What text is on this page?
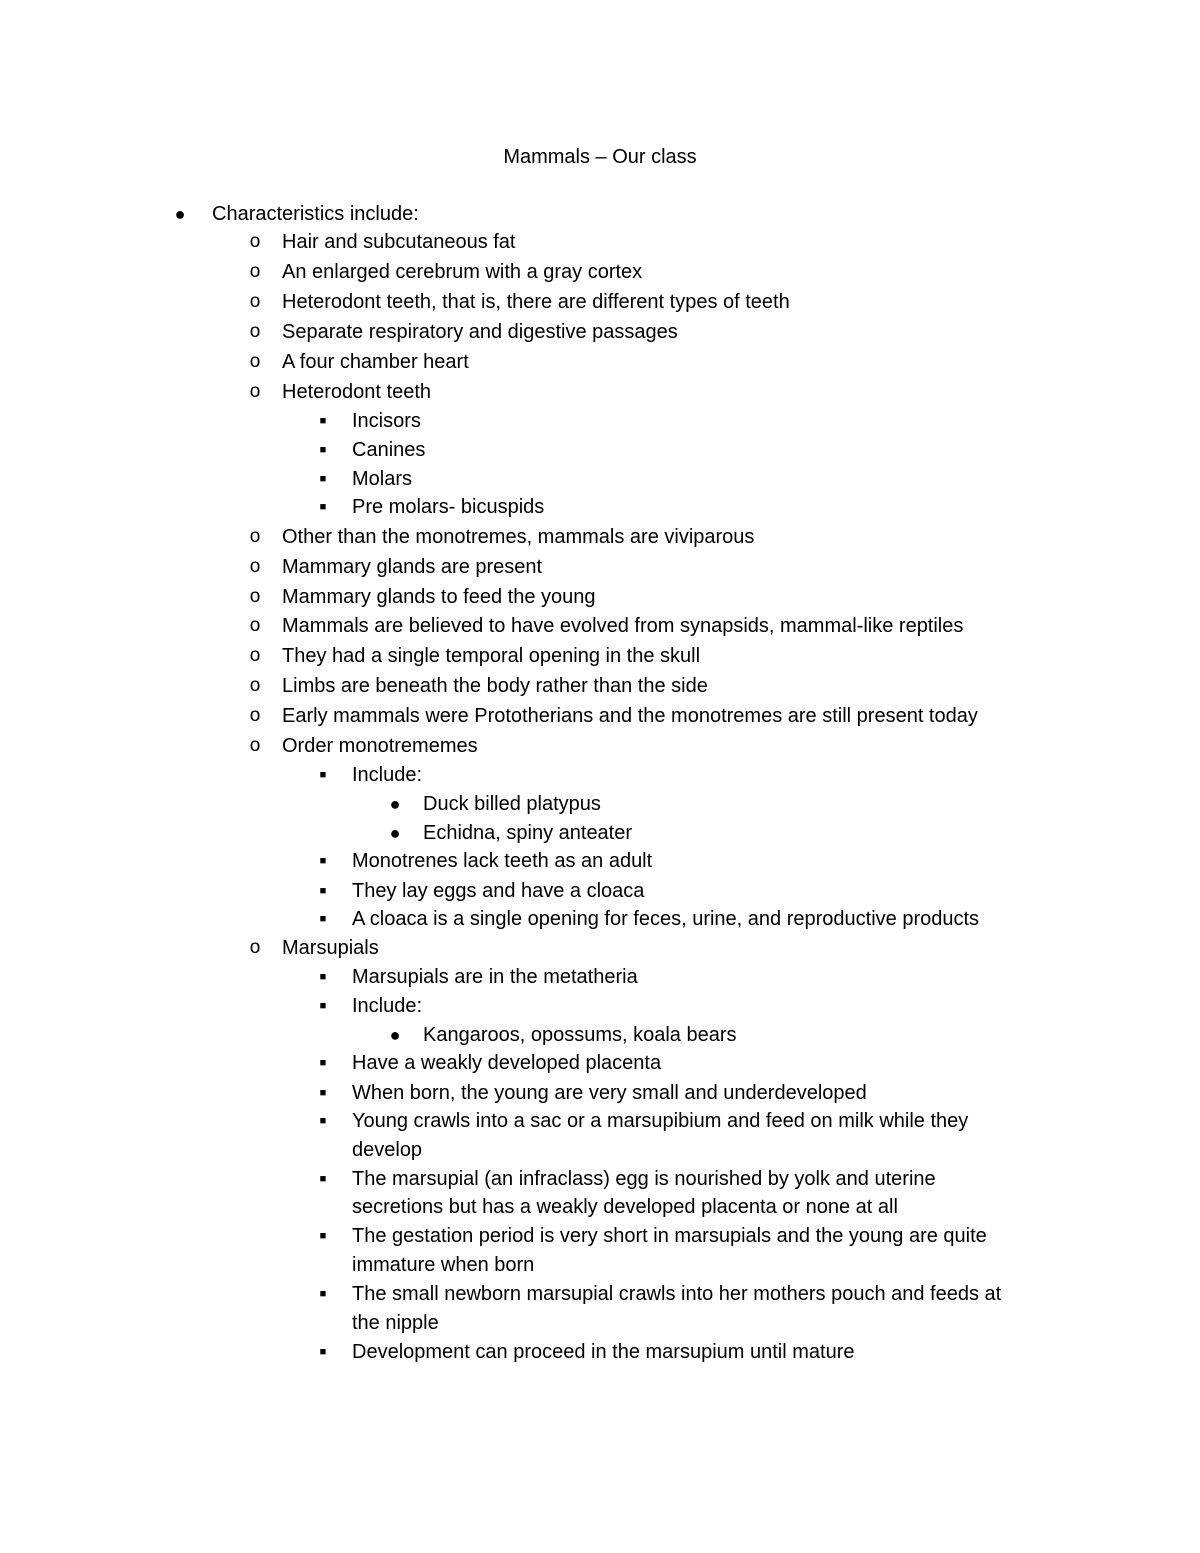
Mammals – Our class
● Characteristics include:
o Hair and subcutaneous fat
o An enlarged cerebrum with a gray cortex
o Heterodont teeth, that is, there are different types of teeth
o Separate respiratory and digestive passages
o A four chamber heart
o Heterodont teeth
■	Incisors
■	Canines
■	Molars
■	Pre molars- bicuspids
o Other than the monotremes, mammals are viviparous
o Mammary glands are present
o Mammary glands to feed the young
o Mammals are believed to have evolved from synapsids, mammal-like reptiles
o They had a single temporal opening in the skull
o Limbs are beneath the body rather than the side
o Early mammals were Prototherians and the monotremes are still present today
o Order monotrememes
■	Include:
● Duck billed platypus
● Echidna, spiny anteater
■	Monotrenes lack teeth as an adult
■	They lay eggs and have a cloaca
■	A cloaca is a single opening for feces, urine, and reproductive products
o Marsupials
■	Marsupials are in the metatheria
■	Include:
● Kangaroos, opossums, koala bears
■	Have a weakly developed placenta
■	When born, the young are very small and underdeveloped
■	Young crawls into a sac or a marsupibium and feed on milk while they
develop
■	The marsupial (an infraclass) egg is nourished by yolk and uterine
secretions but has a weakly developed placenta or none at all
■	The gestation period is very short in marsupials and the young are quite
immature when born
■	The small newborn marsupial crawls into her mothers pouch and feeds at
the nipple
■	Development can proceed in the marsupium until mature
